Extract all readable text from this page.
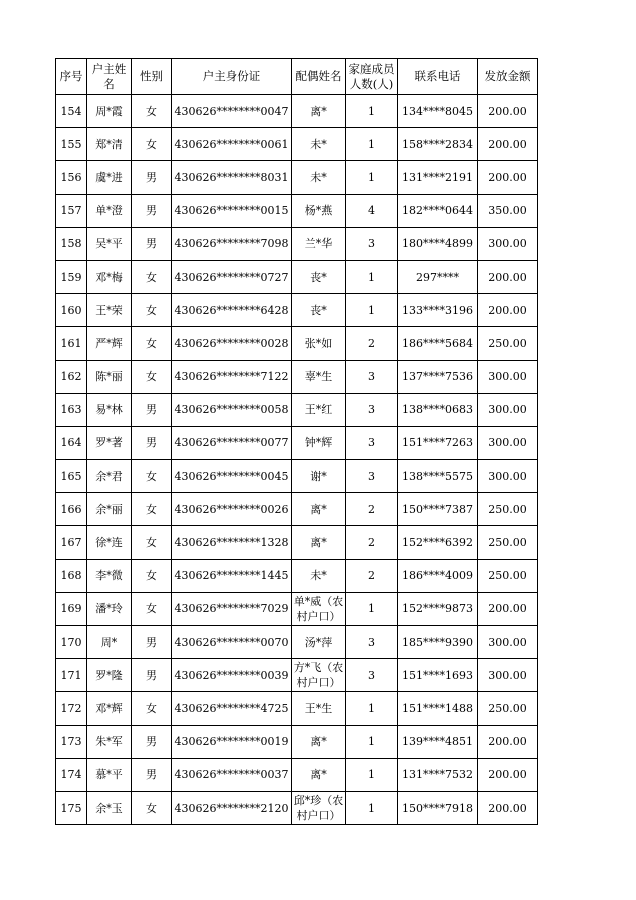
序号	户主姓名	性别	户主身份证	配偶姓名	家庭成员人数(人)	联系电话	发放金额
154	周*霞	女	430626********0047	离*	1	134****8045	200.00
155	郑*清	女	430626********0061	未*	1	158****2834	200.00
156	虞*进	男	430626********8031	未*	1	131****2191	200.00
157	单*澄	男	430626********0015	杨*燕	4	182****0644	350.00
158	吴*平	男	430626********7098	兰*华	3	180****4899	300.00
159	邓*梅	女	430626********0727	丧*	1	297****	200.00
160	王*荣	女	430626********6428	丧*	1	133****3196	200.00
161	严*辉	女	430626********0028	张*如	2	186****5684	250.00
162	陈*丽	女	430626********7122	辜*生	3	137****7536	300.00
163	易*林	男	430626********0058	王*红	3	138****0683	300.00
164	罗*著	男	430626********0077	钟*辉	3	151****7263	300.00
165	余*君	女	430626********0045	谢*	3	138****5575	300.00
166	余*丽	女	430626********0026	离*	2	150****7387	250.00
167	徐*连	女	430626********1328	离*	2	152****6392	250.00
168	李*微	女	430626********1445	未*	2	186****4009	250.00
169	潘*玲	女	430626********7029	单*威（农村户口）	1	152****9873	200.00
170	周*	男	430626********0070	汤*萍	3	185****9390	300.00
171	罗*隆	男	430626********0039	方*飞（农村户口）	3	151****1693	300.00
172	邓*辉	女	430626********4725	王*生	1	151****1488	250.00
173	朱*军	男	430626********0019	离*	1	139****4851	200.00
174	慕*平	男	430626********0037	离*	1	131****7532	200.00
175	余*玉	女	430626********2120	邱*珍（农村户口）	1	150****7918	200.00
